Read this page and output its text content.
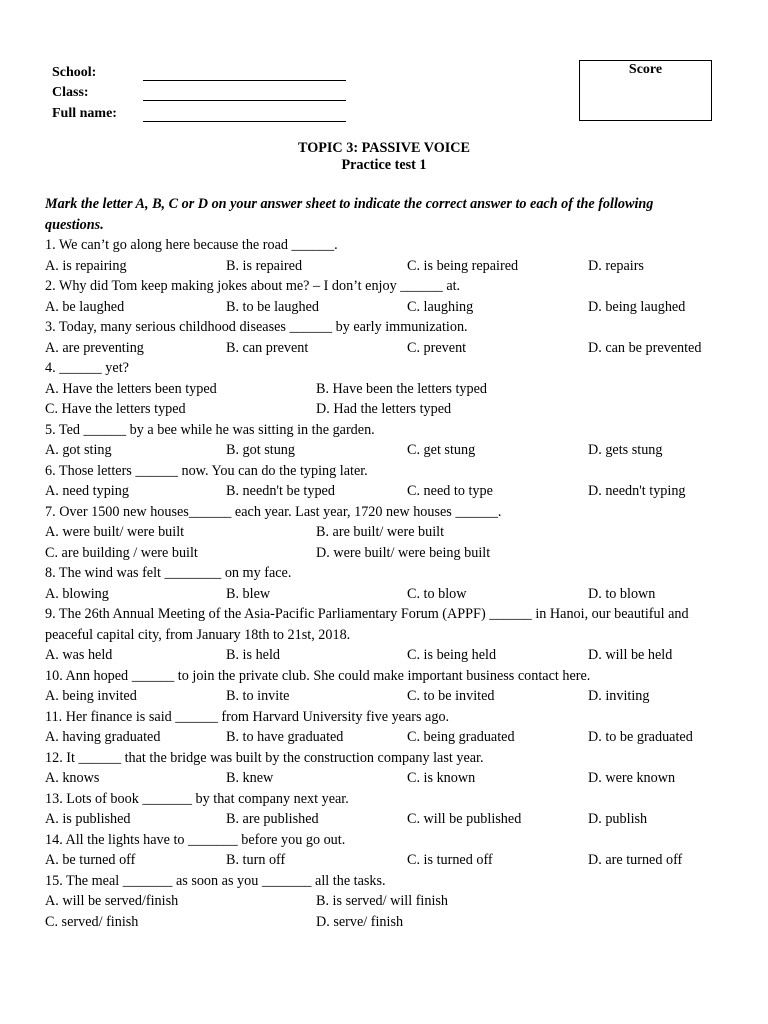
School:
Class:
Full name:
Score
TOPIC 3: PASSIVE VOICE
Practice test 1
Mark the letter A, B, C or D on your answer sheet to indicate the correct answer to each of the following questions.
1. We can’t go along here because the road ______.
A. is repairing	B. is repaired	C. is being repaired	D. repairs
2. Why did Tom keep making jokes about me? – I don’t enjoy ______ at.
A. be laughed	B. to be laughed	C. laughing	D. being laughed
3. Today, many serious childhood diseases ______ by early immunization.
A. are preventing	B. can prevent	C. prevent	D. can be prevented
4. ______ yet?
A. Have the letters been typed	B. Have been the letters typed
C. Have the letters typed	D. Had the letters typed
5. Ted ______ by a bee while he was sitting in the garden.
A. got sting	B. got stung	C. get stung	D. gets stung
6. Those letters ______ now. You can do the typing later.
A. need typing	B. needn't be typed	C. need to type	D. needn't typing
7. Over 1500 new houses______ each year. Last year, 1720 new houses ______.
A. were built/ were built	B. are built/ were built
C. are building / were built	D. were built/ were being built
8. The wind was felt ________ on my face.
A. blowing	B. blew	C. to blow	D. to blown
9. The 26th Annual Meeting of the Asia-Pacific Parliamentary Forum (APPF) ______ in Hanoi, our beautiful and peaceful capital city, from January 18th to 21st, 2018.
A. was held	B. is held	C. is being held	D. will be held
10. Ann hoped ______ to join the private club. She could make important business contact here.
A. being invited	B. to invite	C. to be invited	D. inviting
11. Her finance is said ______ from Harvard University five years ago.
A. having graduated	B. to have graduated	C. being graduated	D. to be graduated
12. It ______ that the bridge was built by the construction company last year.
A. knows	B. knew	C. is known	D. were known
13. Lots of book _______ by that company next year.
A. is published	B. are published	C. will be published	D. publish
14. All the lights have to _______ before you go out.
A. be turned off	B. turn off	C. is turned off	D. are turned off
15. The meal _______ as soon as you _______ all the tasks.
A. will be served/finish	B. is served/ will finish
C. served/ finish	D. serve/ finish
